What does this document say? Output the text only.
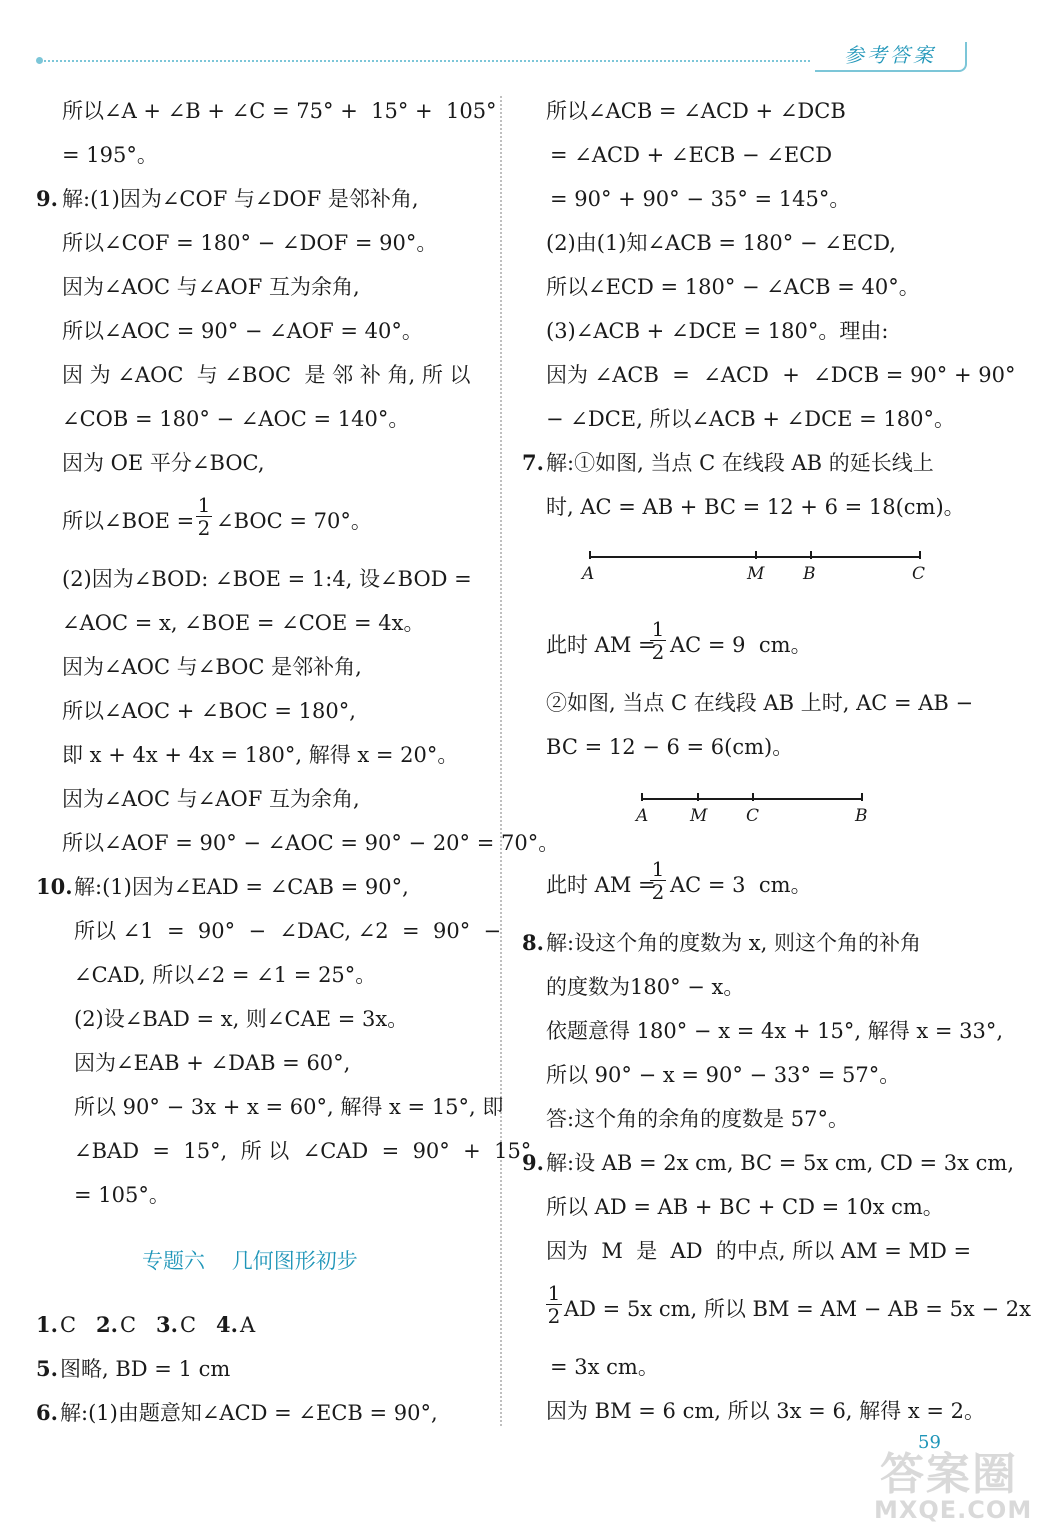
参考答案
所以∠A + ∠B + ∠C = 75° +  15° +  105°
= 195°。
9. 解:(1)因为∠COF 与∠DOF 是邻补角,
所以∠COF = 180° − ∠DOF = 90°。
因为∠AOC 与∠AOF 互为余角,
所以∠AOC = 90° − ∠AOF = 40°。
因 为 ∠AOC  与 ∠BOC  是 邻 补 角, 所 以
∠COB = 180° − ∠AOC = 140°。
因为 OE 平分∠BOC,
所以∠BOE =
1
2 ∠BOC = 70°。
(2)因为∠BOD: ∠BOE = 1:4, 设∠BOD =
∠AOC = x, ∠BOE = ∠COE = 4x。
因为∠AOC 与∠BOC 是邻补角,
所以∠AOC + ∠BOC = 180°,
即 x + 4x + 4x = 180°, 解得 x = 20°。
因为∠AOC 与∠AOF 互为余角,
所以∠AOF = 90° − ∠AOC = 90° − 20° = 70°。
10. 解:(1)因为∠EAD = ∠CAB = 90°,
所以 ∠1  =  90°  −  ∠DAC, ∠2  =  90°  −
∠CAD, 所以∠2 = ∠1 = 25°。
(2)设∠BAD = x, 则∠CAE = 3x。
因为∠EAB + ∠DAB = 60°,
所以 90° − 3x + x = 60°, 解得 x = 15°, 即
∠BAD  =  15°,  所 以  ∠CAD  =  90°  +  15°
= 105°。
专题六    几何图形初步
1. C 2. C 3. C 4. A
5. 图略, BD = 1 cm
6. 解:(1)由题意知∠ACD = ∠ECB = 90°,
所以∠ACB = ∠ACD + ∠DCB
= ∠ACD + ∠ECB − ∠ECD
= 90° + 90° − 35° = 145°。
(2)由(1)知∠ACB = 180° − ∠ECD,
所以∠ECD = 180° − ∠ACB = 40°。
(3)∠ACB + ∠DCE = 180°。理由:
因为 ∠ACB  =  ∠ACD  +  ∠DCB = 90° + 90°
− ∠DCE, 所以∠ACB + ∠DCE = 180°。
7. 解:①如图, 当点 C 在线段 AB 的延长线上
时, AC = AB + BC = 12 + 6 = 18(cm)。
A	M B	C
此时 AM =
1
2 AC = 9  cm。
②如图, 当点 C 在线段 AB 上时, AC = AB −
BC = 12 − 6 = 6(cm)。
A M C	B
此时 AM =
1
2 AC = 3  cm。
8. 解:设这个角的度数为 x, 则这个角的补角
的度数为180° − x。
依题意得 180° − x = 4x + 15°, 解得 x = 33°,
所以 90° − x = 90° − 33° = 57°。
答:这个角的余角的度数是 57°。
9. 解:设 AB = 2x cm, BC = 5x cm, CD = 3x cm,
所以 AD = AB + BC + CD = 10x cm。
因为  M  是  AD  的中点, 所以 AM = MD =
1
2 AD = 5x cm, 所以 BM = AM − AB = 5x − 2x
= 3x cm。
因为 BM = 6 cm, 所以 3x = 6, 解得 x = 2。
59
答案圈
MXQE.COM
